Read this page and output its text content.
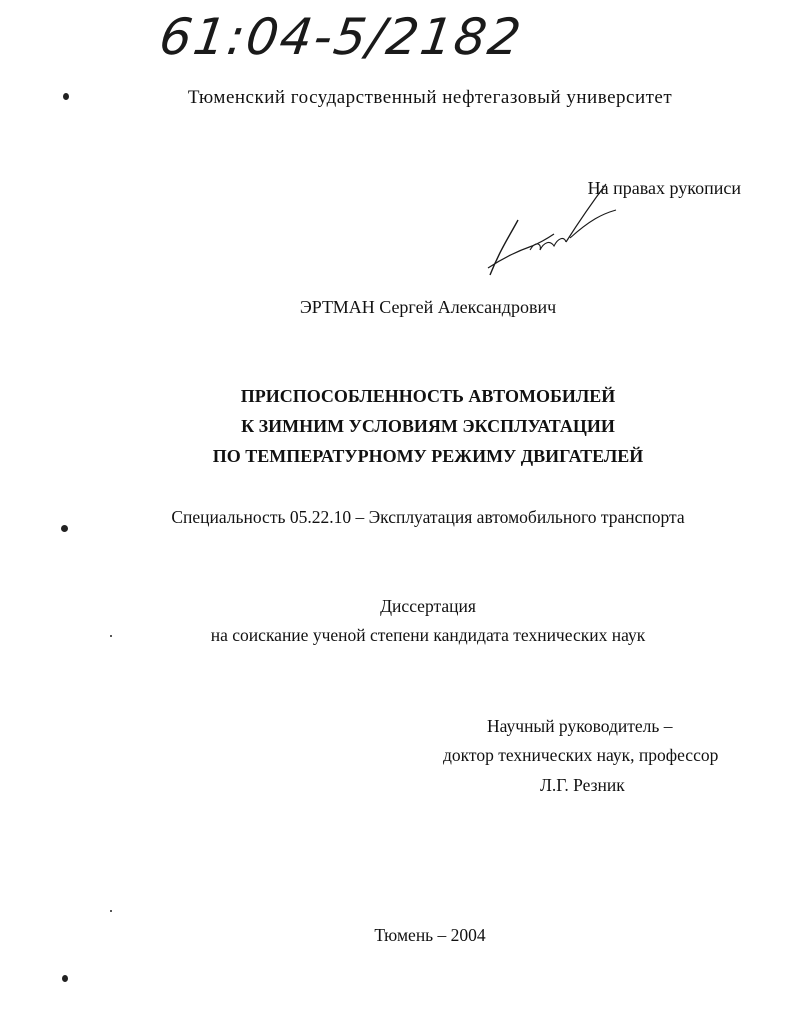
61:04-5/2182
Тюменский государственный нефтегазовый университет
На правах рукописи
ЭРТМАН Сергей Александрович
ПРИСПОСОБЛЕННОСТЬ АВТОМОБИЛЕЙ
К ЗИМНИМ УСЛОВИЯМ ЭКСПЛУАТАЦИИ
ПО ТЕМПЕРАТУРНОМУ РЕЖИМУ ДВИГАТЕЛЕЙ
Специальность 05.22.10 – Эксплуатация автомобильного транспорта
Диссертация
на соискание ученой степени кандидата технических наук
Научный руководитель –
доктор технических наук, профессор
Л.Г. Резник
Тюмень – 2004
